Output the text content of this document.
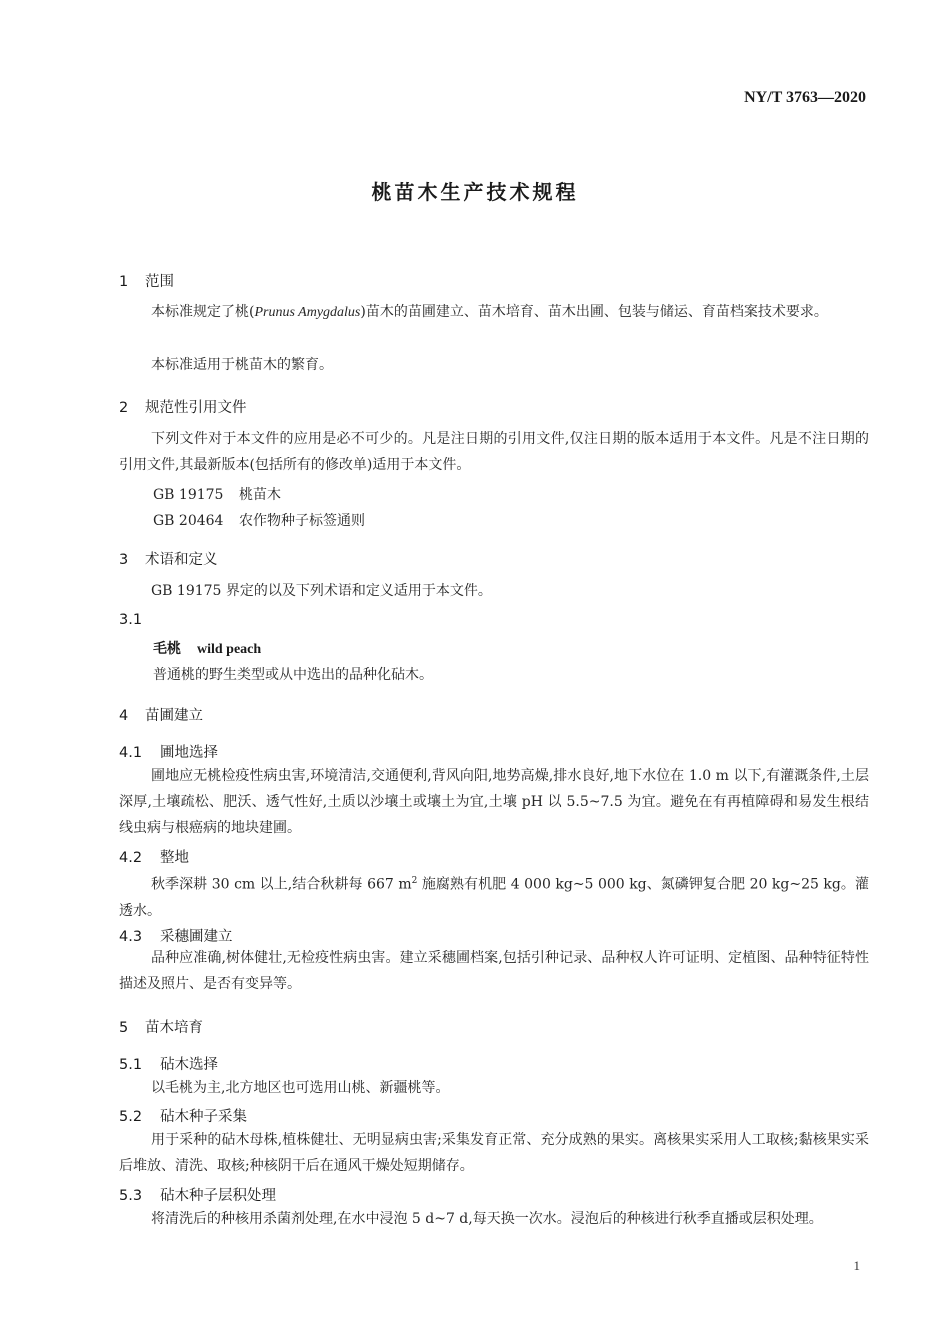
NY/T 3763—2020
桃苗木生产技术规程
1 范围
本标准规定了桃(Prunus Amygdalus)苗木的苗圃建立、苗木培育、苗木出圃、包装与储运、育苗档案技术要求。
本标准适用于桃苗木的繁育。
2 规范性引用文件
下列文件对于本文件的应用是必不可少的。凡是注日期的引用文件,仅注日期的版本适用于本文件。凡是不注日期的引用文件,其最新版本(包括所有的修改单)适用于本文件。
GB 19175 桃苗木
GB 20464 农作物种子标签通则
3 术语和定义
GB 19175 界定的以及下列术语和定义适用于本文件。
3.1
毛桃 wild peach
普通桃的野生类型或从中选出的品种化砧木。
4 苗圃建立
4.1 圃地选择
圃地应无桃检疫性病虫害,环境清洁,交通便利,背风向阳,地势高燥,排水良好,地下水位在 1.0 m 以下,有灌溉条件,土层深厚,土壤疏松、肥沃、透气性好,土质以沙壤土或壤土为宜,土壤 pH 以 5.5~7.5 为宜。避免在有再植障碍和易发生根结线虫病与根癌病的地块建圃。
4.2 整地
秋季深耕 30 cm 以上,结合秋耕每 667 $m^2$ 施腐熟有机肥 4 000 kg~5 000 kg、氮磷钾复合肥 20 kg~25 kg。灌透水。
4.3 采穗圃建立
品种应准确,树体健壮,无检疫性病虫害。建立采穗圃档案,包括引种记录、品种权人许可证明、定植图、品种特征特性描述及照片、是否有变异等。
5 苗木培育
5.1 砧木选择
以毛桃为主,北方地区也可选用山桃、新疆桃等。
5.2 砧木种子采集
用于采种的砧木母株,植株健壮、无明显病虫害;采集发育正常、充分成熟的果实。离核果实采用人工取核;黏核果实采后堆放、清洗、取核;种核阴干后在通风干燥处短期储存。
5.3 砧木种子层积处理
将清洗后的种核用杀菌剂处理,在水中浸泡 5 d~7 d,每天换一次水。浸泡后的种核进行秋季直播或层积处理。
1
